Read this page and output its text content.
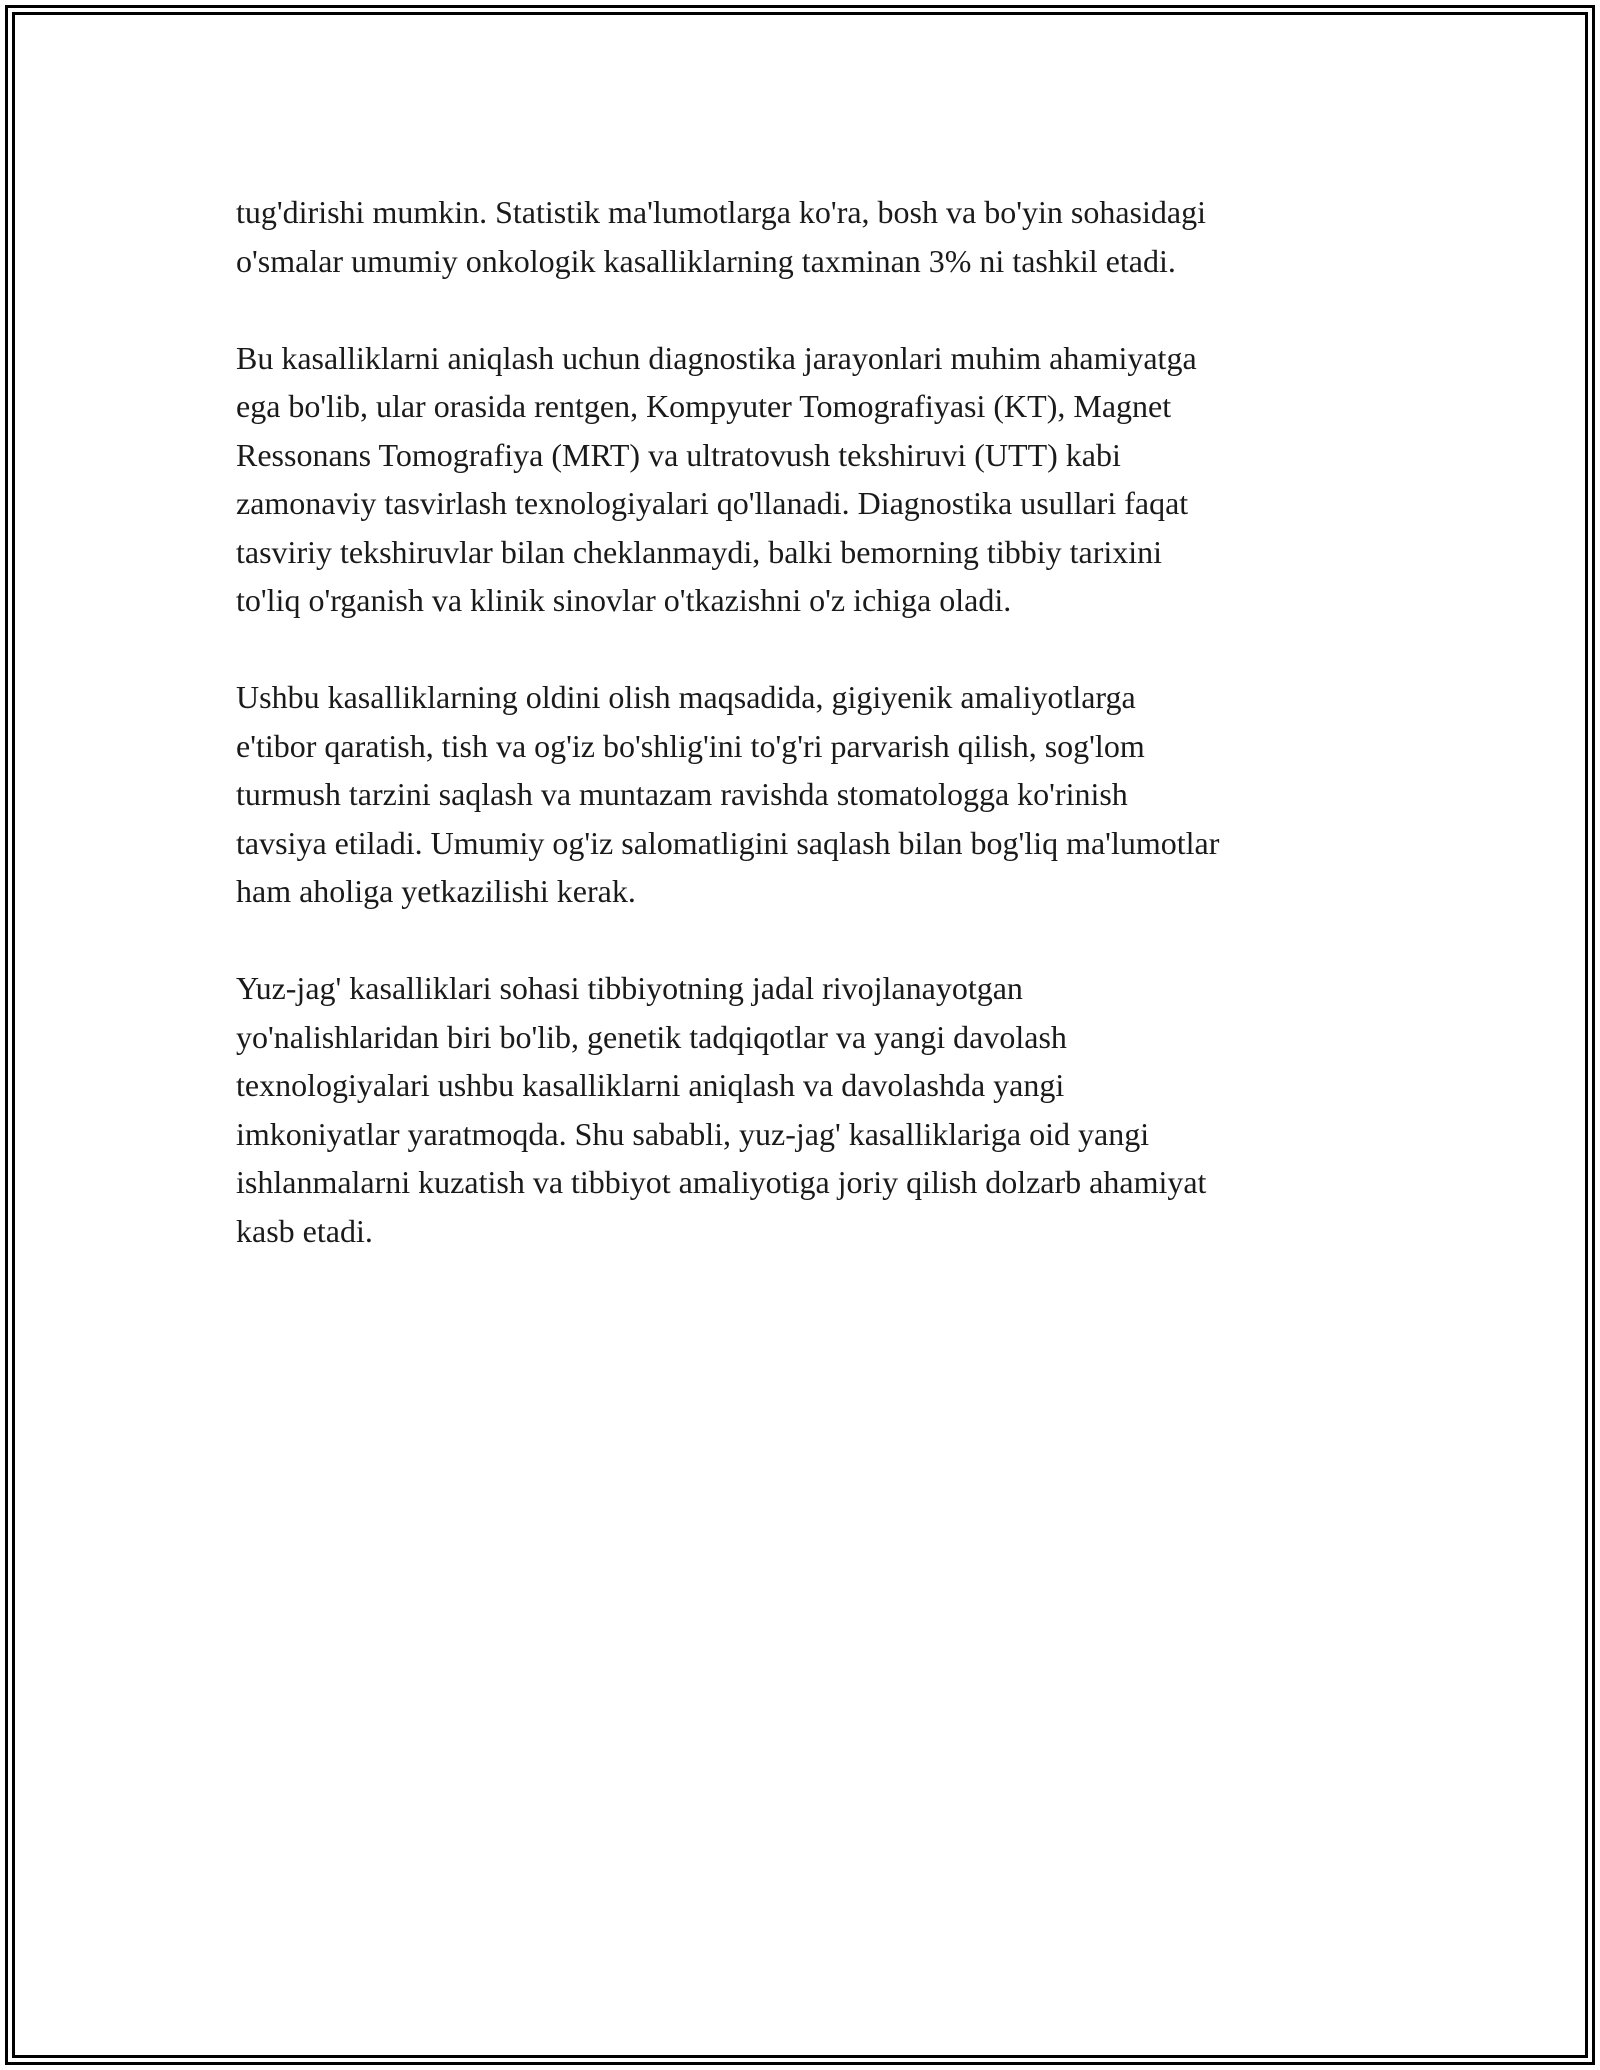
tug'dirishi mumkin. Statistik ma'lumotlarga ko'ra, bosh va bo'yin sohasidagi
o'smalar umumiy onkologik kasalliklarning taxminan 3% ni tashkil etadi.

Bu kasalliklarni aniqlash uchun diagnostika jarayonlari muhim ahamiyatga
ega bo'lib, ular orasida rentgen, Kompyuter Tomografiyasi (KT), Magnet
Ressonans Tomografiya (MRT) va ultratovush tekshiruvi (UTT) kabi
zamonaviy tasvirlash texnologiyalari qo'llanadi. Diagnostika usullari faqat
tasviriy tekshiruvlar bilan cheklanmaydi, balki bemorning tibbiy tarixini
to'liq o'rganish va klinik sinovlar o'tkazishni o'z ichiga oladi.

Ushbu kasalliklarning oldini olish maqsadida, gigiyenik amaliyotlarga
e'tibor qaratish, tish va og'iz bo'shlig'ini to'g'ri parvarish qilish, sog'lom
turmush tarzini saqlash va muntazam ravishda stomatologga ko'rinish
tavsiya etiladi. Umumiy og'iz salomatligini saqlash bilan bog'liq ma'lumotlar
ham aholiga yetkazilishi kerak.

Yuz-jag' kasalliklari sohasi tibbiyotning jadal rivojlanayotgan
yo'nalishlaridan biri bo'lib, genetik tadqiqotlar va yangi davolash
texnologiyalari ushbu kasalliklarni aniqlash va davolashda yangi
imkoniyatlar yaratmoqda. Shu sababli, yuz-jag' kasalliklariga oid yangi
ishlanmalarni kuzatish va tibbiyot amaliyotiga joriy qilish dolzarb ahamiyat
kasb etadi.
